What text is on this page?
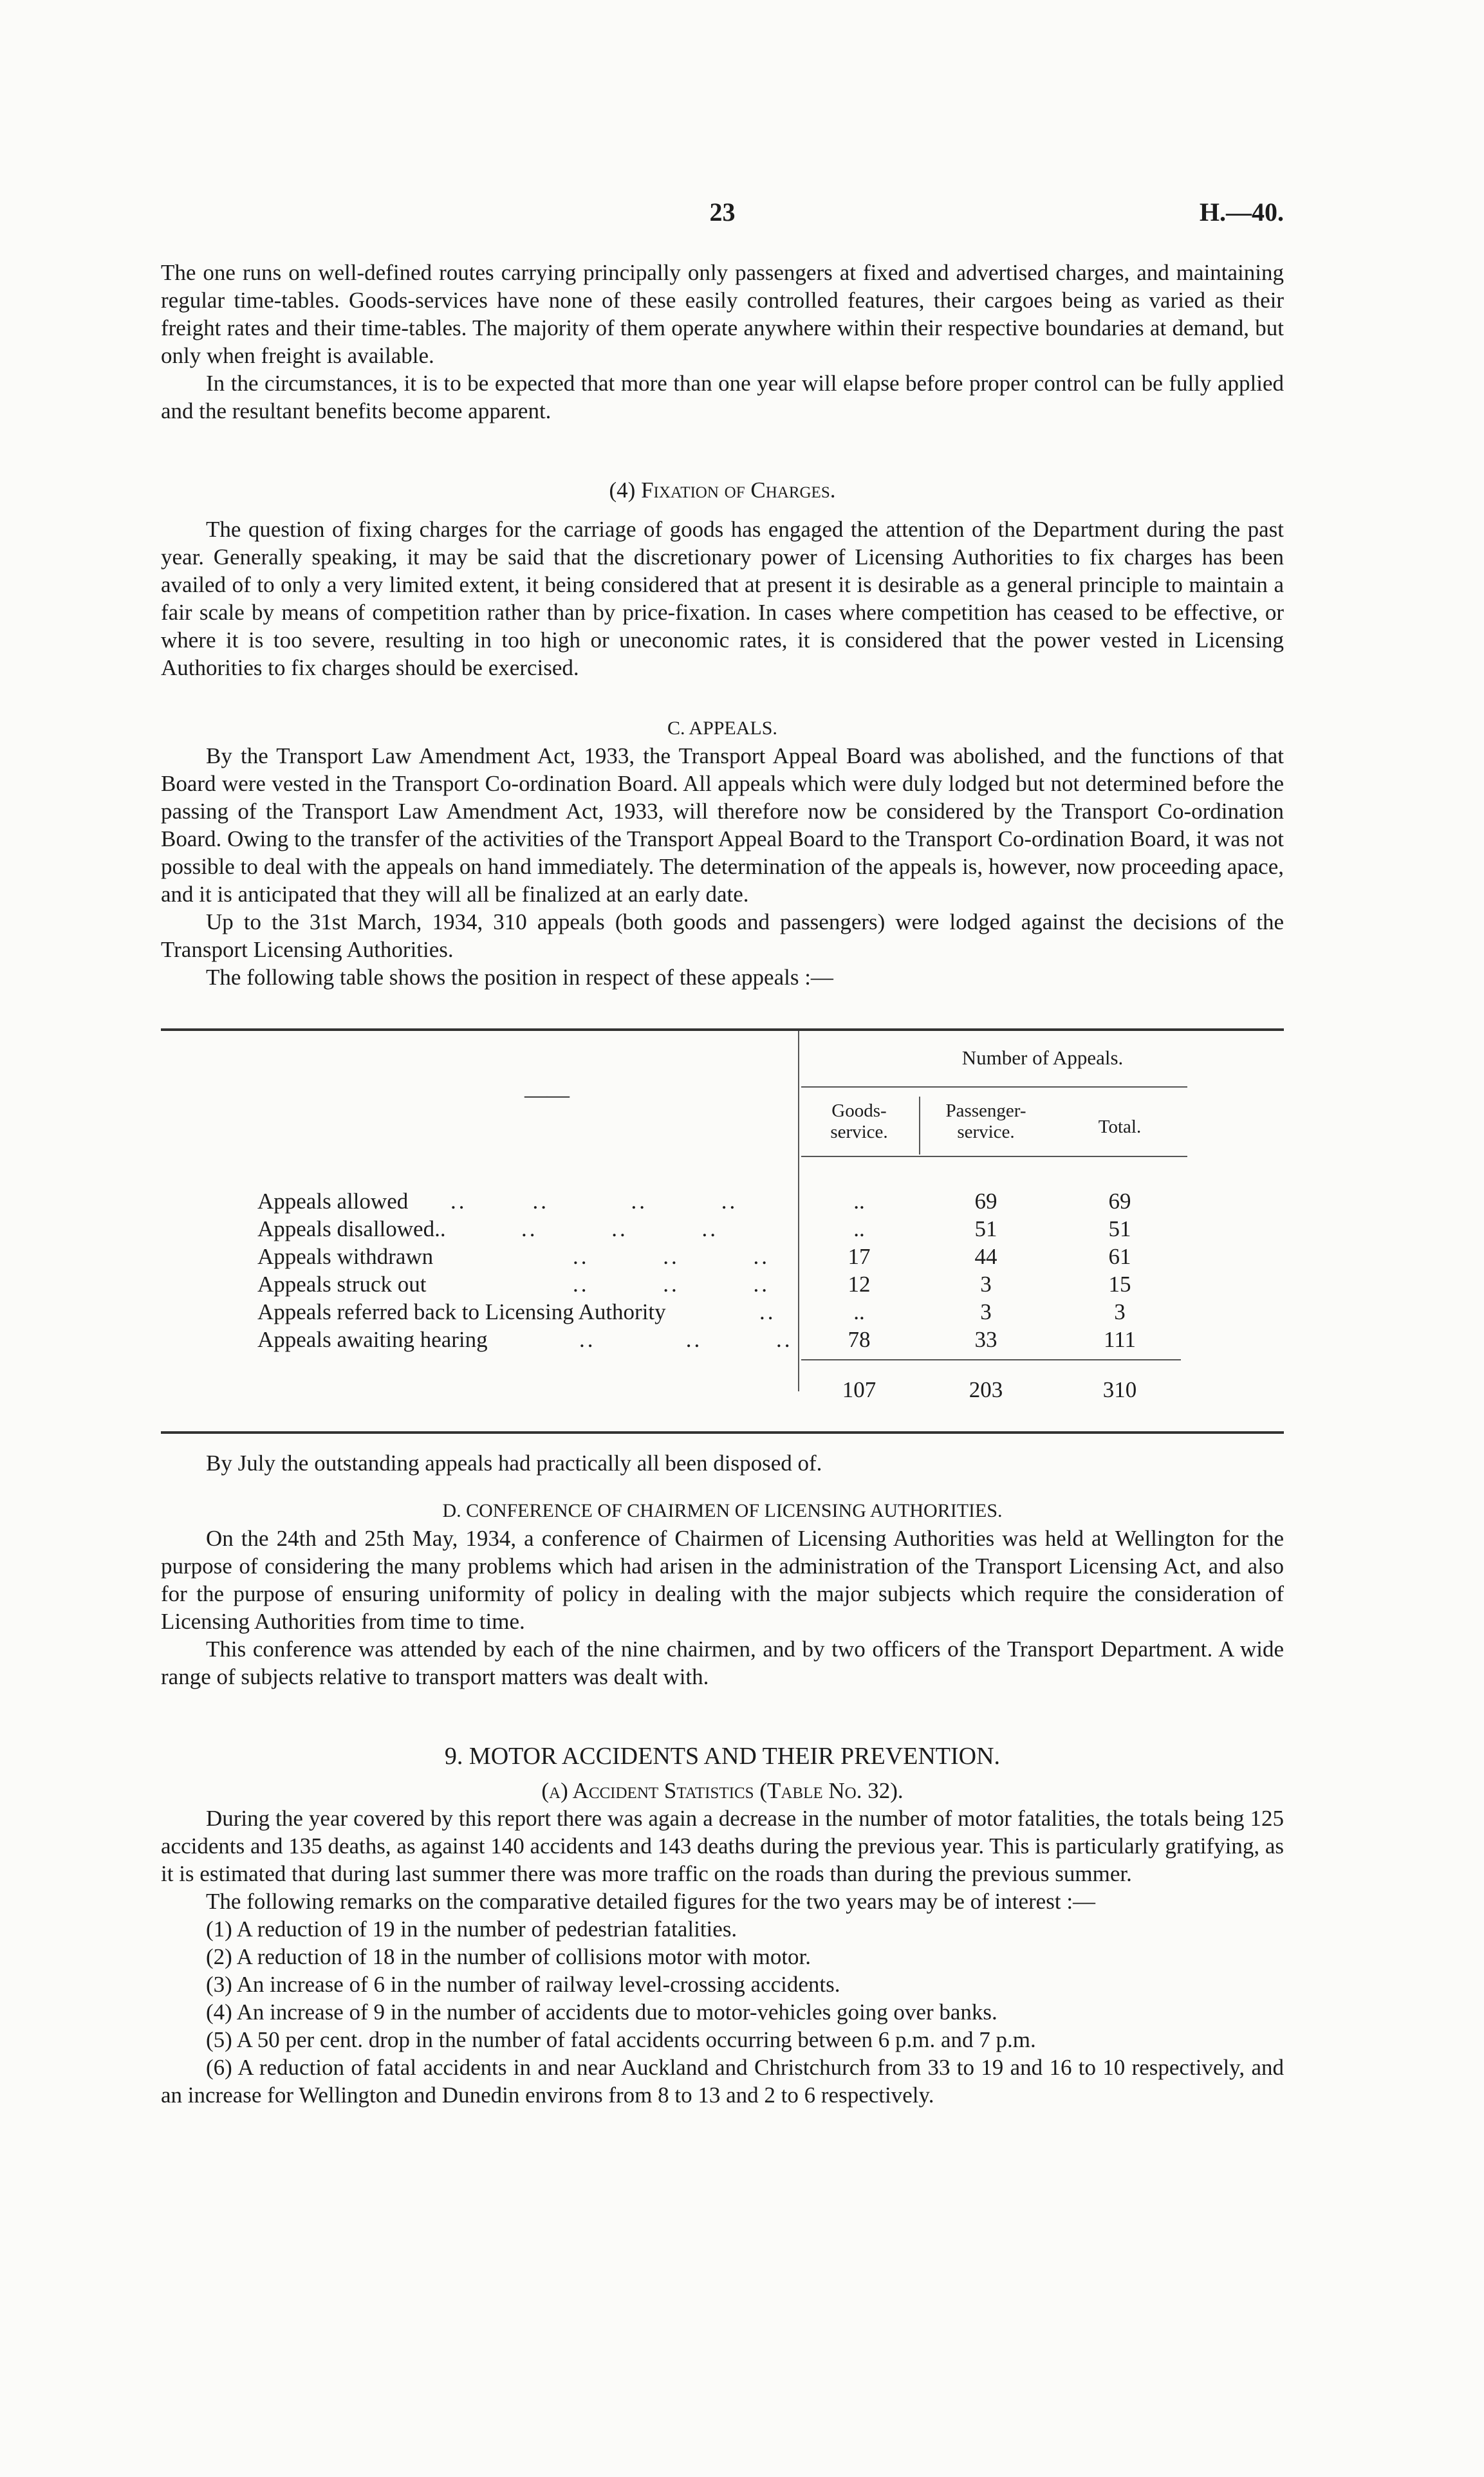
23	H.—40.

The one runs on well-defined routes carrying principally only passengers at fixed and advertised charges, and maintaining regular time-tables. Goods-services have none of these easily controlled features, their cargoes being as varied as their freight rates and their time-tables. The majority of them operate anywhere within their respective boundaries at demand, but only when freight is available.

In the circumstances, it is to be expected that more than one year will elapse before proper control can be fully applied and the resultant benefits become apparent.

(4) Fixation of Charges.

The question of fixing charges for the carriage of goods has engaged the attention of the Department during the past year. Generally speaking, it may be said that the discretionary power of Licensing Authorities to fix charges has been availed of to only a very limited extent, it being considered that at present it is desirable as a general principle to maintain a fair scale by means of competition rather than by price-fixation. In cases where competition has ceased to be effective, or where it is too severe, resulting in too high or uneconomic rates, it is considered that the power vested in Licensing Authorities to fix charges should be exercised.

C. APPEALS.

By the Transport Law Amendment Act, 1933, the Transport Appeal Board was abolished, and the functions of that Board were vested in the Transport Co-ordination Board. All appeals which were duly lodged but not determined before the passing of the Transport Law Amendment Act, 1933, will therefore now be considered by the Transport Co-ordination Board. Owing to the transfer of the activities of the Transport Appeal Board to the Transport Co-ordination Board, it was not possible to deal with the appeals on hand immediately. The determination of the appeals is, however, now proceeding apace, and it is anticipated that they will all be finalized at an early date.

Up to the 31st March, 1934, 310 appeals (both goods and passengers) were lodged against the decisions of the Transport Licensing Authorities.

The following table shows the position in respect of these appeals :—

Number of Appeals.
——
Goods-
service.
Passenger-
service.	Total.
Appeals allowed ..        ..          ..         ..	..	69	69
Appeals disallowed..	..         ..         ..	..	51	51
Appeals withdrawn	..         ..         ..	17	44	61
Appeals struck out	..         ..         ..	12	3	15
Appeals referred back to Licensing Authority	..	..	3	3
Appeals awaiting hearing	..           ..         ..	78	33	111
107	203	310

By July the outstanding appeals had practically all been disposed of.

D. CONFERENCE OF CHAIRMEN OF LICENSING AUTHORITIES.

On the 24th and 25th May, 1934, a conference of Chairmen of Licensing Authorities was held at Wellington for the purpose of considering the many problems which had arisen in the administration of the Transport Licensing Act, and also for the purpose of ensuring uniformity of policy in dealing with the major subjects which require the consideration of Licensing Authorities from time to time.

This conference was attended by each of the nine chairmen, and by two officers of the Transport Department. A wide range of subjects relative to transport matters was dealt with.

9. MOTOR ACCIDENTS AND THEIR PREVENTION.

(a) Accident Statistics (Table No. 32).

During the year covered by this report there was again a decrease in the number of motor fatalities, the totals being 125 accidents and 135 deaths, as against 140 accidents and 143 deaths during the previous year. This is particularly gratifying, as it is estimated that during last summer there was more traffic on the roads than during the previous summer.

The following remarks on the comparative detailed figures for the two years may be of interest :—

(1) A reduction of 19 in the number of pedestrian fatalities.
(2) A reduction of 18 in the number of collisions motor with motor.
(3) An increase of 6 in the number of railway level-crossing accidents.
(4) An increase of 9 in the number of accidents due to motor-vehicles going over banks.
(5) A 50 per cent. drop in the number of fatal accidents occurring between 6 p.m. and 7 p.m.
(6) A reduction of fatal accidents in and near Auckland and Christchurch from 33 to 19 and 16 to 10 respectively, and an increase for Wellington and Dunedin environs from 8 to 13 and 2 to 6 respectively.
